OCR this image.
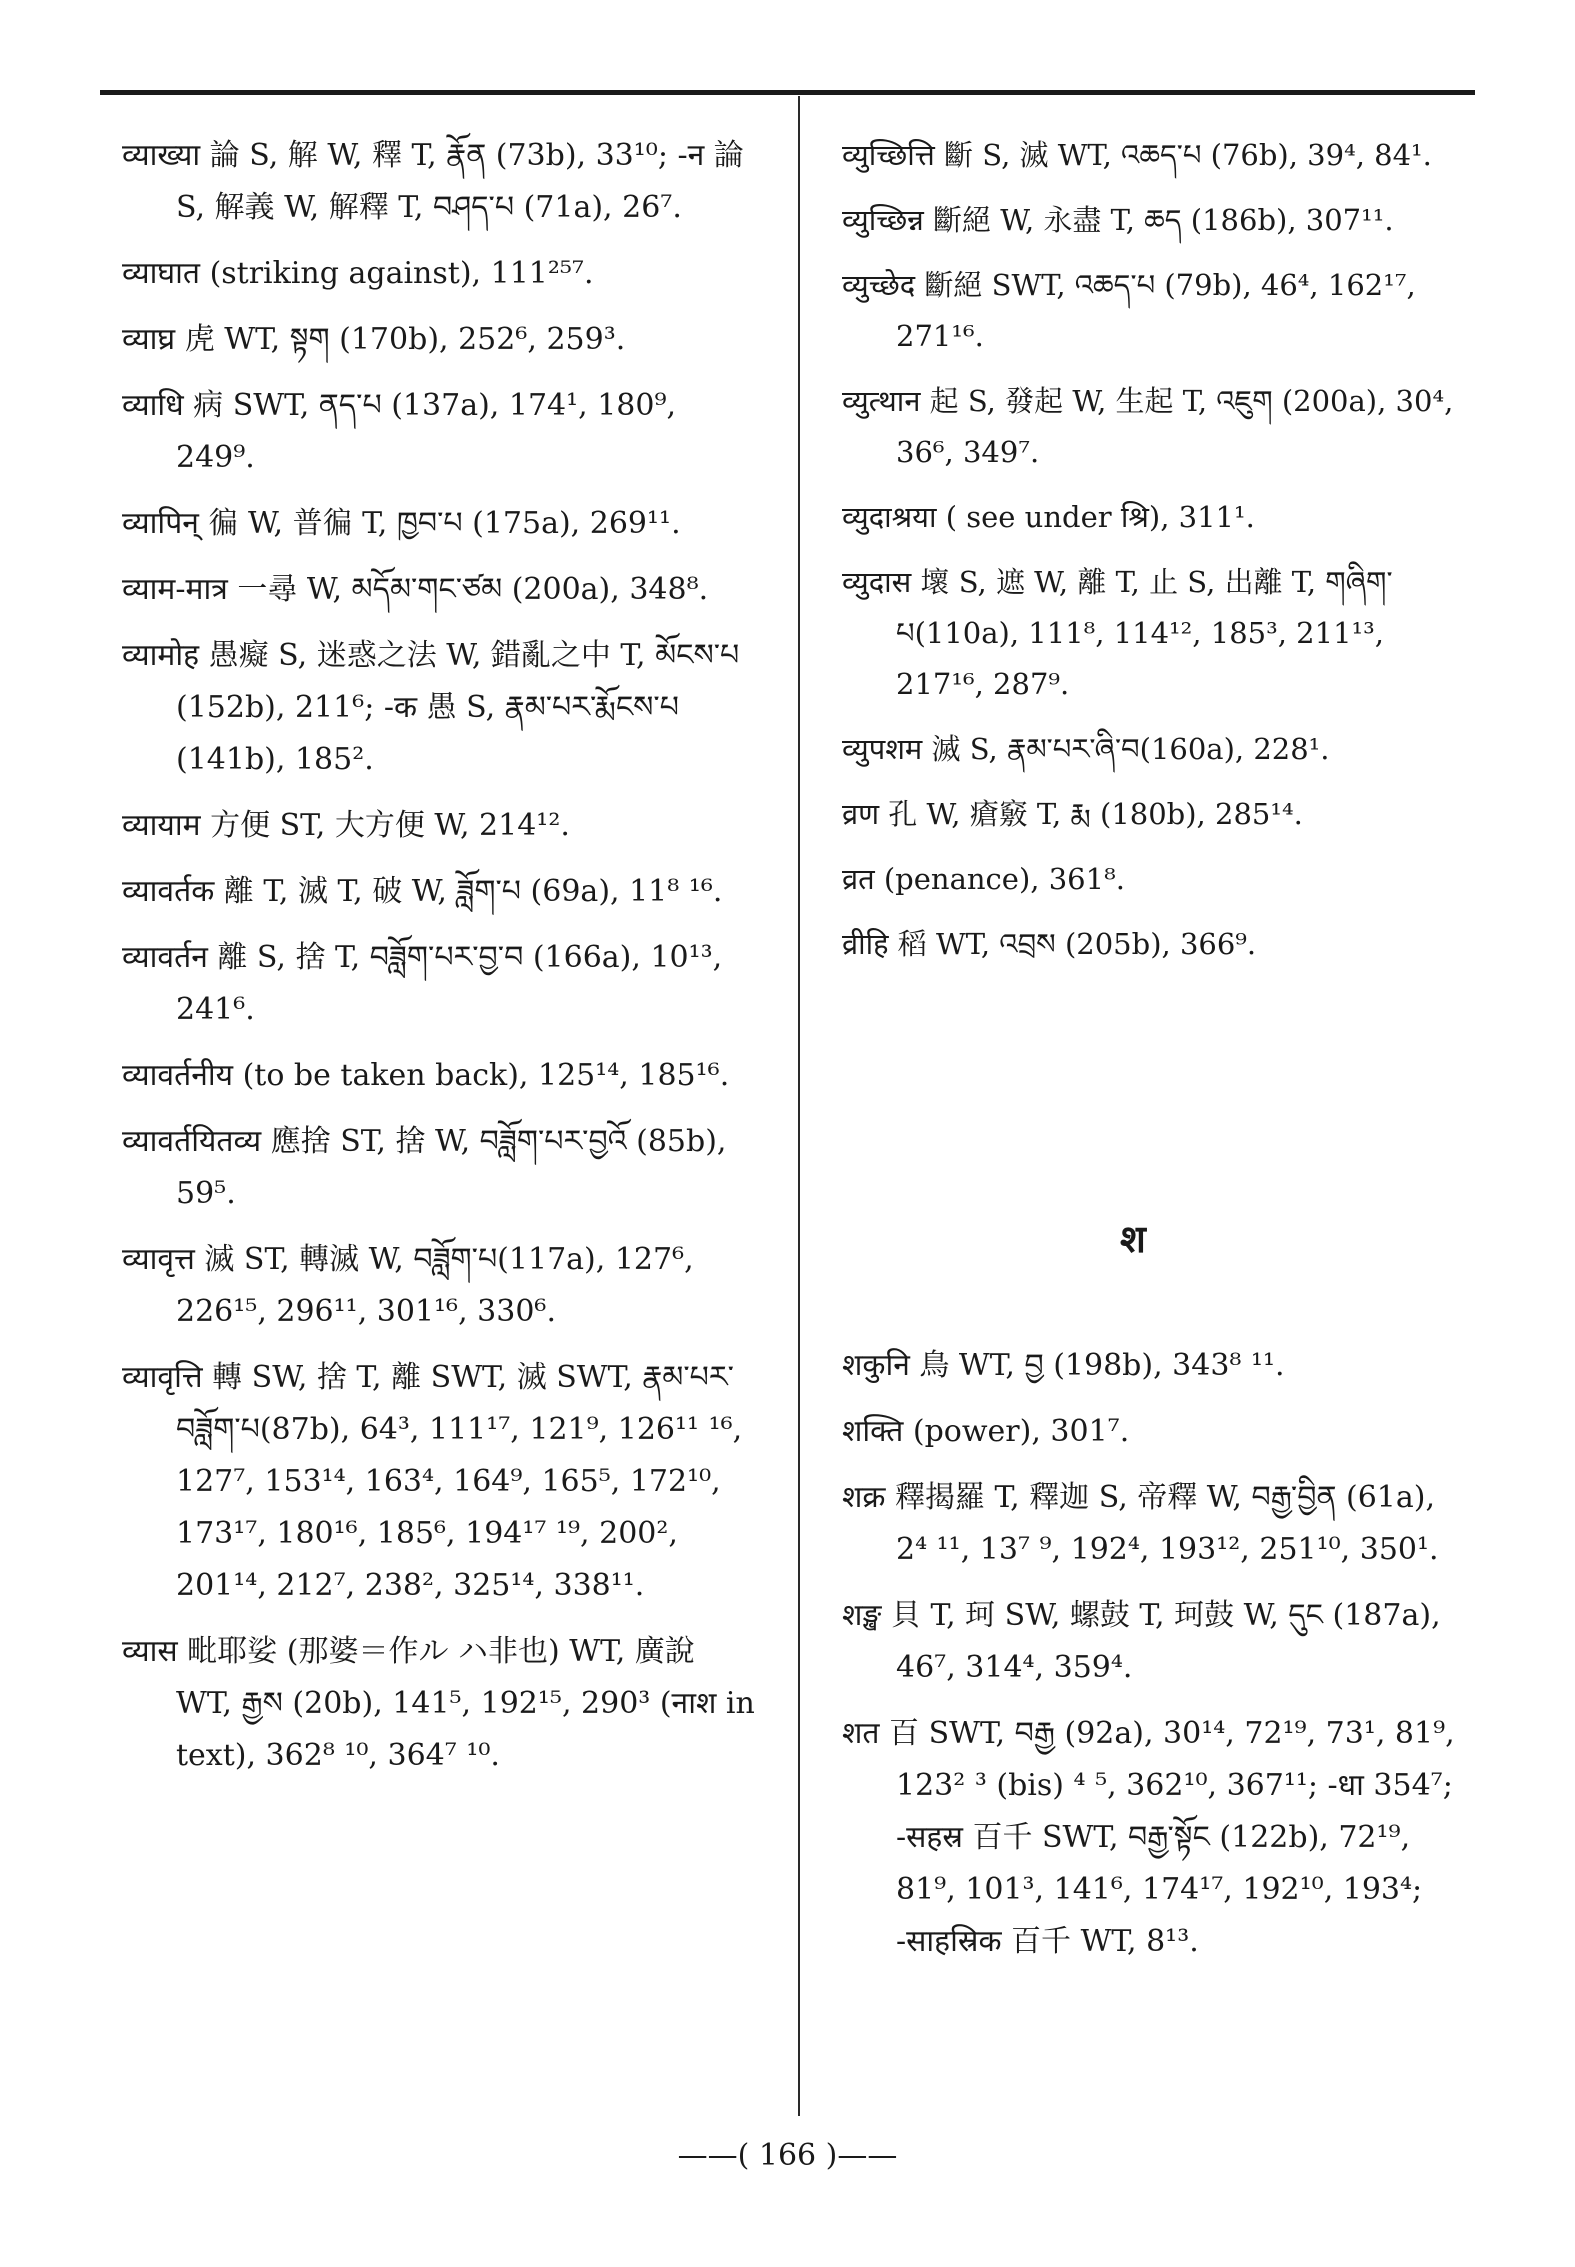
व्याख्या 論 S, 解 W, 釋 T, རྣོན (73b), 33¹⁰; -न 論 S, 解義 W, 解釋 T, བཤད་པ (71a), 26⁷.

व्याघात (striking against), 111²⁵⁷.

व्याघ्र 虎 WT, སྟག (170b), 252⁶, 259³.

व्याधि 病 SWT, ནད་པ (137a), 174¹, 180⁹, 249⁹.

व्यापिन् 徧 W, 普徧 T, ཁྱབ་པ (175a), 269¹¹.

व्याम-मात्र 一尋 W, མདོམ་གང་ཙམ (200a), 348⁸.

व्यामोह 愚癡 S, 迷惑之法 W, 錯亂之中 T, མོངས་པ (152b), 211⁶; -क 愚 S, རྣམ་པར་རྨོངས་པ (141b), 185².

व्यायाम 方便 ST, 大方便 W, 214¹².

व्यावर्तक 離 T, 滅 T, 破 W, ཟློག་པ (69a), 11⁸ ¹⁶.

व्यावर्तन 離 S, 捨 T, བཟློག་པར་བྱ་བ (166a), 10¹³, 241⁶.

व्यावर्तनीय (to be taken back), 125¹⁴, 185¹⁶.

व्यावर्तयितव्य 應捨 ST, 捨 W, བཟློག་པར་བྱའོ (85b), 59⁵.

व्यावृत्त 滅 ST, 轉滅 W, བཟློག་པ(117a), 127⁶, 226¹⁵, 296¹¹, 301¹⁶, 330⁶.

व्यावृत्ति 轉 SW, 捨 T, 離 SWT, 滅 SWT, རྣམ་པར་བཟློག་པ(87b), 64³, 111¹⁷, 121⁹, 126¹¹ ¹⁶, 127⁷, 153¹⁴, 163⁴, 164⁹, 165⁵, 172¹⁰, 173¹⁷, 180¹⁶, 185⁶, 194¹⁷ ¹⁹, 200², 201¹⁴, 212⁷, 238², 325¹⁴, 338¹¹.

व्यास 毗耶娑 (那婆＝作ル ハ非也) WT, 廣說 WT, རྒྱས (20b), 141⁵, 192¹⁵, 290³ (नाश in text), 362⁸ ¹⁰, 364⁷ ¹⁰.

व्युच्छित्ति 斷 S, 滅 WT, འཆད་པ (76b), 39⁴, 84¹.

व्युच्छिन्न 斷絕 W, 永盡 T, ཆད (186b), 307¹¹.

व्युच्छेद 斷絕 SWT, འཆད་པ (79b), 46⁴, 162¹⁷, 271¹⁶.

व्युत्थान 起 S, 發起 W, 生起 T, འཇུག (200a), 30⁴, 36⁶, 349⁷.

व्युदाश्रया ( see under श्रि), 311¹.

व्युदास 壞 S, 遮 W, 離 T, 止 S, 出離 T, གཞིག་པ(110a), 111⁸, 114¹², 185³, 211¹³, 217¹⁶, 287⁹.

व्युपशम 滅 S, རྣམ་པར་ཞི་བ(160a), 228¹.

व्रण 孔 W, 瘡竅 T, རྨ (180b), 285¹⁴.

व्रत (penance), 361⁸.

व्रीहि 稻 WT, འབྲས (205b), 366⁹.

श

शकुनि 鳥 WT, བྱ (198b), 343⁸ ¹¹.

शक्ति (power), 301⁷.

शक्र 釋揭羅 T, 釋迦 S, 帝釋 W, བརྒྱ་བྱིན (61a), 2⁴ ¹¹, 13⁷ ⁹, 192⁴, 193¹², 251¹⁰, 350¹.

शङ्ख 貝 T, 珂 SW, 螺鼓 T, 珂鼓 W, དུང (187a), 46⁷, 314⁴, 359⁴.

शत 百 SWT, བརྒྱ (92a), 30¹⁴, 72¹⁹, 73¹, 81⁹, 123² ³ (bis) ⁴ ⁵, 362¹⁰, 367¹¹; -धा 354⁷; -सहस्र 百千 SWT, བརྒྱ་སྟོང (122b), 72¹⁹, 81⁹, 101³, 141⁶, 174¹⁷, 192¹⁰, 193⁴; -साहस्रिक 百千 WT, 8¹³.

——( 166 )——
